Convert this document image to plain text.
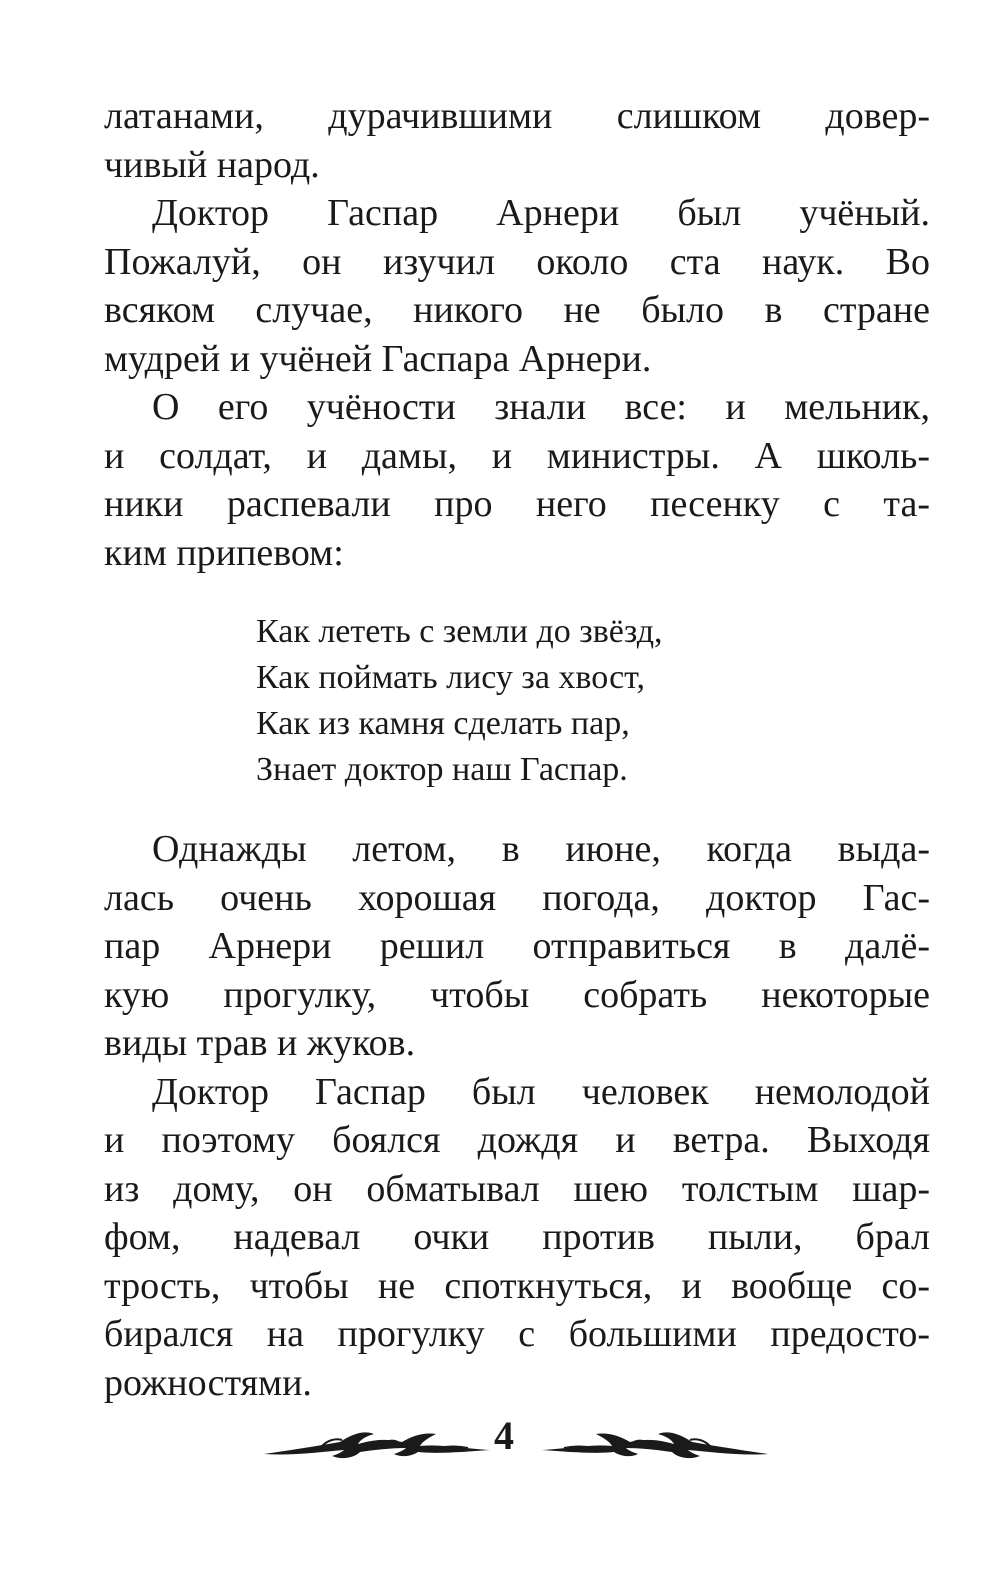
латанами, дурачившими слишком довер-
чивый народ.
Доктор Гаспар Арнери был учёный.
Пожалуй, он изучил около ста наук. Во
всяком случае, никого не было в стране
мудрей и учёней Гаспара Арнери.
О его учёности знали все: и мельник,
и солдат, и дамы, и министры. А школь-
ники распевали про него песенку с та-
ким припевом:
Как лететь с земли до звёзд,
Как поймать лису за хвост,
Как из камня сделать пар,
Знает доктор наш Гаспар.
Однажды летом, в июне, когда выда-
лась очень хорошая погода, доктор Гас-
пар Арнери решил отправиться в далё-
кую прогулку, чтобы собрать некоторые
виды трав и жуков.
Доктор Гаспар был человек немолодой
и поэтому боялся дождя и ветра. Выходя
из дому, он обматывал шею толстым шар-
фом, надевал очки против пыли, брал
трость, чтобы не споткнуться, и вообще со-
бирался на прогулку с большими предосто-
рожностями.
4
